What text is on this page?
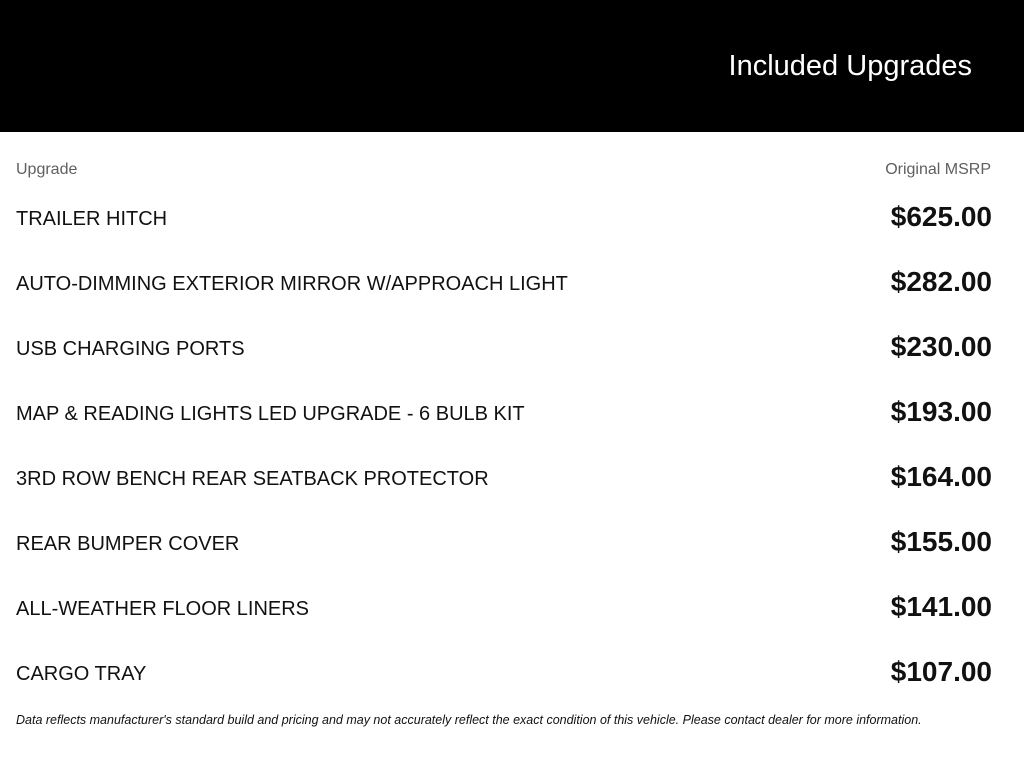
Included Upgrades
Upgrade	Original MSRP
TRAILER HITCH	$625.00
AUTO-DIMMING EXTERIOR MIRROR W/APPROACH LIGHT	$282.00
USB CHARGING PORTS	$230.00
MAP & READING LIGHTS LED UPGRADE - 6 BULB KIT	$193.00
3RD ROW BENCH REAR SEATBACK PROTECTOR	$164.00
REAR BUMPER COVER	$155.00
ALL-WEATHER FLOOR LINERS	$141.00
CARGO TRAY	$107.00
Data reflects manufacturer's standard build and pricing and may not accurately reflect the exact condition of this vehicle. Please contact dealer for more information.
